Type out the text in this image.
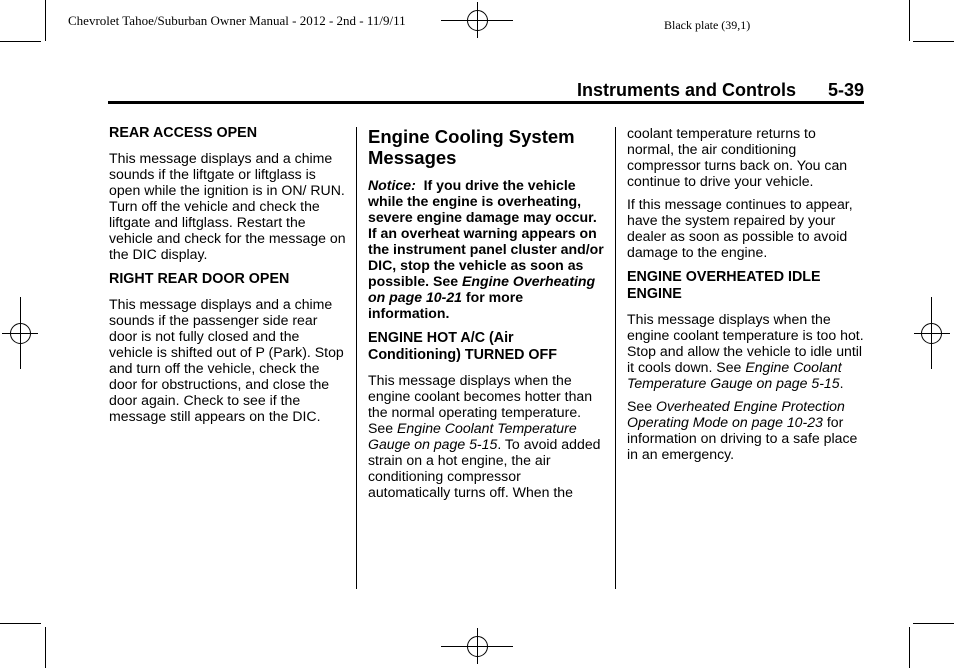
Chevrolet Tahoe/Suburban Owner Manual - 2012 - 2nd - 11/9/11	Black plate (39,1)
Instruments and Controls 5-39
REAR ACCESS OPEN

This message displays and a chime sounds if the liftgate or liftglass is open while the ignition is in ON/ RUN. Turn off the vehicle and check the liftgate and liftglass. Restart the vehicle and check for the message on the DIC display.

RIGHT REAR DOOR OPEN

This message displays and a chime sounds if the passenger side rear door is not fully closed and the vehicle is shifted out of P (Park). Stop and turn off the vehicle, check the door for obstructions, and close the door again. Check to see if the message still appears on the DIC.

Engine Cooling System Messages

Notice: If you drive the vehicle while the engine is overheating, severe engine damage may occur. If an overheat warning appears on the instrument panel cluster and/or DIC, stop the vehicle as soon as possible. See Engine Overheating on page 10-21 for more information.

ENGINE HOT A/C (Air Conditioning) TURNED OFF

This message displays when the engine coolant becomes hotter than the normal operating temperature. See Engine Coolant Temperature Gauge on page 5-15. To avoid added strain on a hot engine, the air conditioning compressor automatically turns off. When the

coolant temperature returns to normal, the air conditioning compressor turns back on. You can continue to drive your vehicle.

If this message continues to appear, have the system repaired by your dealer as soon as possible to avoid damage to the engine.

ENGINE OVERHEATED IDLE ENGINE

This message displays when the engine coolant temperature is too hot. Stop and allow the vehicle to idle until it cools down. See Engine Coolant Temperature Gauge on page 5-15.

See Overheated Engine Protection Operating Mode on page 10-23 for information on driving to a safe place in an emergency.
